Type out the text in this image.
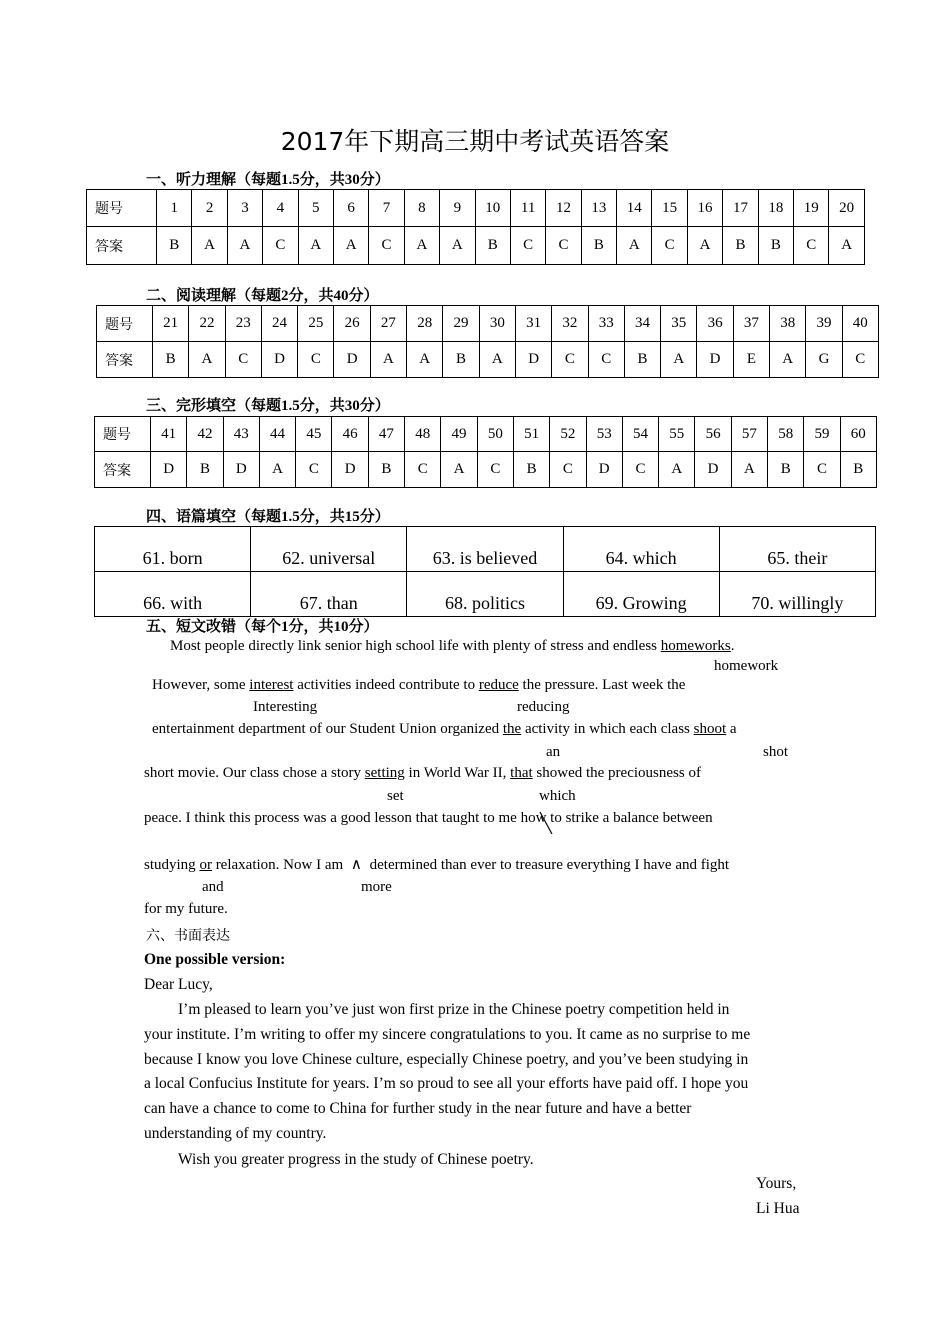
2017年下期高三期中考试英语答案
一、听力理解（每题1.5分，共30分）
题号	1	2	3	4	5	6	7	8	9	10	11	12	13	14	15	16	17	18	19	20
答案	B	A	A	C	A	A	C	A	A	B	C	C	B	A	C	A	B	B	C	A
二、阅读理解（每题2分，共40分）
题号	21	22	23	24	25	26	27	28	29	30	31	32	33	34	35	36	37	38	39	40
答案	B	A	C	D	C	D	A	A	B	A	D	C	C	B	A	D	E	A	G	C
三、完形填空（每题1.5分，共30分）
题号	41	42	43	44	45	46	47	48	49	50	51	52	53	54	55	56	57	58	59	60
答案	D	B	D	A	C	D	B	C	A	C	B	C	D	C	A	D	A	B	C	B
四、语篇填空（每题1.5分，共15分）
61. born	62. universal	63. is believed	64. which	65. their
66. with	67. than	68. politics	69. Growing	70. willingly
五、短文改错（每个1分，共10分）
Most people directly link senior high school life with plenty of stress and endless homeworks.
homework
However, some interest activities indeed contribute to reduce the pressure. Last week the
Interesting	reducing
entertainment department of our Student Union organized the activity in which each class shoot a
an	shot
short movie. Our class chose a story setting in World War II, that showed the preciousness of
set	which
peace. I think this process was a good lesson that taught to me how to strike a balance between
studying or relaxation. Now I am ∧ determined than ever to treasure everything I have and fight
and	more
for my future.
六、书面表达
One possible version:
Dear Lucy,
I’m pleased to learn you’ve just won first prize in the Chinese poetry competition held in
your institute. I’m writing to offer my sincere congratulations to you. It came as no surprise to me
because I know you love Chinese culture, especially Chinese poetry, and you’ve been studying in
a local Confucius Institute for years. I’m so proud to see all your efforts have paid off. I hope you
can have a chance to come to China for further study in the near future and have a better
understanding of my country.
Wish you greater progress in the study of Chinese poetry.
Yours,
Li Hua
